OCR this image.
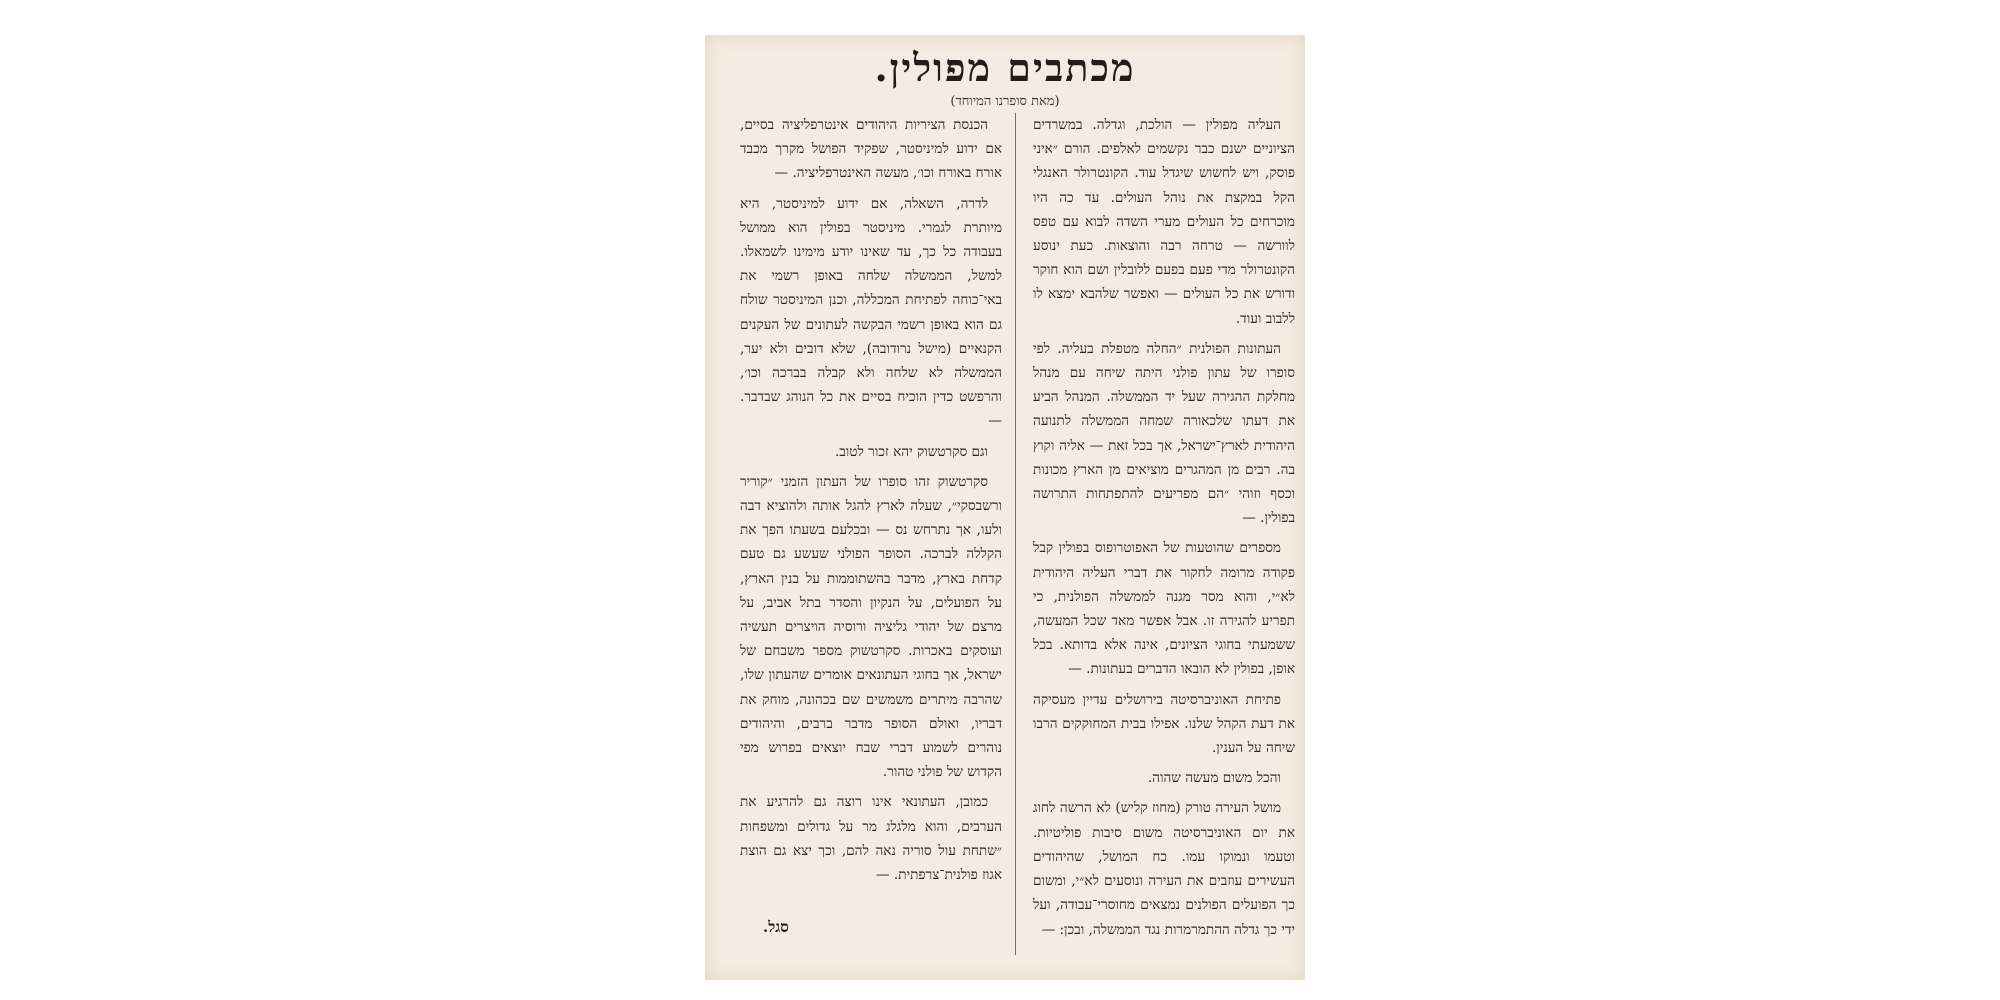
מכתבים מפולין.
(מאת סופרנו המיוחד)

העליה מפולין — הולכת, וגדלה. במשרדים הציוניים ישנם כבר נקשמים לאלפים. הורם ״איני פוסק, ויש לחשוש שיגדל עוד. הקונטרולר האנגלי הקל במקצת את נוהל העולים. עד כה היו מוכרחים כל העולים מערי השדה לבוא עם טפס לוורשה — טרחה רבה והוצאות. כעת ינוסע הקונטרולר מדי פעם בפעם ללובלין ושם הוא חוקר ודורש את כל העולים — ואפשר שלהבא ימצא לו ללבוב ועוד.

העתונות הפולנית ״החלה מטפלת בעליה. לפי סופרו של עתון פולני היתה שיחה עם מנהל מחלקת ההגירה שעל יד הממשלה. המנהל הביע את דעתו שלכאורה שמחה הממשלה לתנועה היהודית לארץ־ישראל, אך בכל זאת — אליה וקוץ בה. רבים מן המהגרים מוציאים מן הארץ מכונות וכסף וזוהי ״הם מפריעים להתפתחות התרושה בפולין. —

מספרים שהוטעות של האפוטרופוס בפולין קבל פקודה מרומה לחקור את דברי העליה היהודית לא״י, והוא מסר מגנה לממשלה הפולנית, כי תפריע להגירה זו. אבל אפשר מאד שכל המעשה, ששמעתי בחוגי הציונים, אינה אלא בדותא. בכל אופן, בפולין לא הובאו הדברים בעתונות. —

פתיחת האוניברסיטה בירושלים עדיין מעסיקה את דעת הקהל שלנו. אפילו בבית המחוקקים הרבו שיחה על הענין.

והכל משום מעשה שהוה.

מושל העירה טורק (מחוז קליש) לא הרשה לחוג את יום האוניברסיטה משום סיבות פוליטיות. וטעמו ונמוקו עמו. כח המושל, שהיהודים העשירים עוזבים את העירה ונוסעים לא״י, ומשום כך הפועלים הפולנים נמצאים מחוסרי־עבודה, ועל ידי כך גדלה ההתמרמרות נגד הממשלה, ובכן: —

הכנסת הציריות היהודים אינטרפליציה בסיים, אם ידוע למיניסטר, שפקיד הפושל מקרך מכבד אורח באורח וכו׳, מעשה האינטרפליציה. —

לדרה, השאלה, אם ידוע למיניסטר, היא מיותרת לגמרי. מיניסטר בפולין הוא ממושל בעבודה כל כך, עד שאינו יודע מימינו לשמאלו. למשל, הממשלה שלחה באופן רשמי את באי־כוחה לפתיחת המכללה, וכנן המיניסטר שולח גם הוא באופן רשמי הבקשה לעתונים של העקנים הקנאיים (מישל נרודובה), שלא דובים ולא יער, הממשלה לא שלחה ולא קבלה בברכה וכו׳, והרפשט כדין הוכיח בסיים את כל הנוהג שבדבר. —

וגם סקרטשוק יהא זכור לטוב.

סקרטשוק זהו סופרו של העתון הזמני ״קוריר ורשבסקי״, שעלה לארץ להגל אותה ולהוציא דבה ולעו, אך נתרחש נס — ובכלעם בשעתו הפך את הקללה לברכה. הסופר הפולני שעשע גם טעם קדחת בארץ, מדבר בהשתוממות על בנין הארץ, על הפועלים, על הנקיון והסדר בתל אביב, על מרצם של יהודי גליציה ורוסיה הויצרים תעשיה ועוסקים באכרות. סקרטשוק מספר משבחם של ישראל, אך בחוגי העתונאים אומרים שהעתון שלו, שהרבה מיתרים משמשים שם בכהונה, מוחק את דבריו, ואולם הסופר מדבר ברבים, והיהודים נוהרים לשמוע דברי שבח יוצאים בפרוש מפי הקדוש של פולני טהור.

כמובן, העתונאי אינו רוצה גם להרגיע את הערבים, והוא מלגלג מר על גדולים ומשפחות ״שתחת עול סוריה נאה להם, וכך יצא גם הוצת אגוז פולנית־צרפתית. —

סגל.
